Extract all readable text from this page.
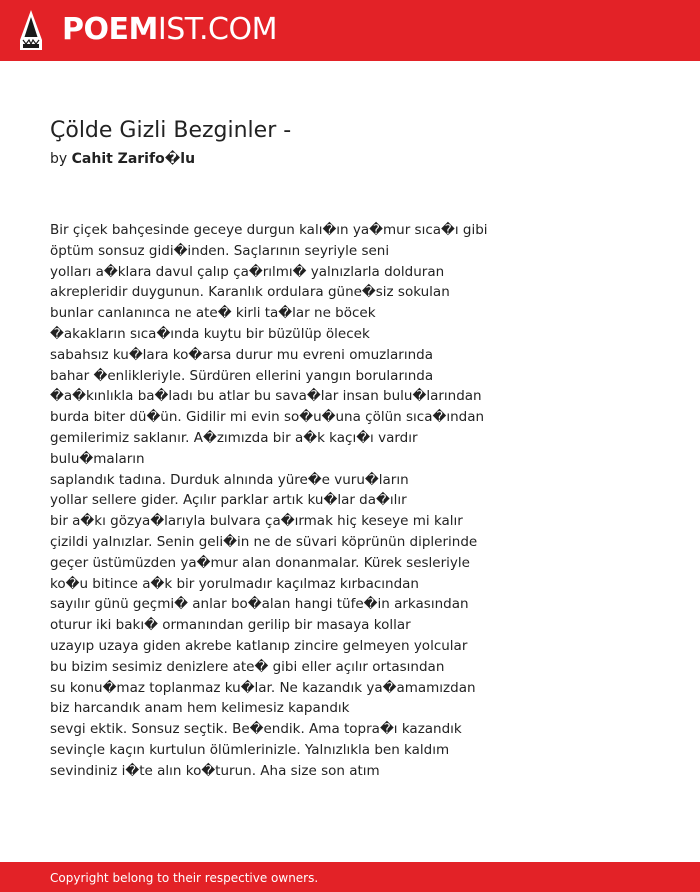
POEMIST.COM
Çölde Gizli Bezginler -
by Cahit Zarifo�lu
Bir çiçek bahçesinde geceye durgun kalı�ın ya�mur sıca�ı gibi
öptüm sonsuz gidi�inden. Saçlarının seyriyle seni
yolları a�klara davul çalıp ça�rılmı� yalnızlarla dolduran
akrepleridir duygunun. Karanlık ordulara güne�siz sokulan
bunlar canlanınca ne ate� kirli ta�lar ne böcek
�akakların sıca�ında kuytu bir büzülüp ölecek
sabahsız ku�lara ko�arsa durur mu evreni omuzlarında
bahar �enlikleriyle. Sürdüren ellerini yangın borularında
�a�kınlıkla ba�ladı bu atlar bu sava�lar insan bulu�larından
burda biter dü�ün. Gidilir mi evin so�u�una çölün sıca�ından
gemilerimiz saklanır. A�zımızda bir a�k kaçı�ı vardır
bulu�maların
saplandık tadına. Durduk alnında yüre�e vuru�ların
yollar sellere gider. Açılır parklar artık ku�lar da�ılır
bir a�kı gözya�larıyla bulvara ça�ırmak hiç keseye mi kalır
çizildi yalnızlar. Senin geli�in ne de süvari köprünün diplerinde
geçer üstümüzden ya�mur alan donanmalar. Kürek sesleriyle
ko�u bitince a�k bir yorulmadır kaçılmaz kırbacından
sayılır günü geçmi� anlar bo�alan hangi tüfe�in arkasından
oturur iki bakı� ormanından gerilip bir masaya kollar
uzayıp uzaya giden akrebe katlanıp zincire gelmeyen yolcular
bu bizim sesimiz denizlere ate� gibi eller açılır ortasından
su konu�maz toplanmaz ku�lar. Ne kazandık ya�amamızdan
biz harcandık anam hem kelimesiz kapandık
sevgi ektik. Sonsuz seçtik. Be�endik. Ama topra�ı kazandık
sevinçle kaçın kurtulun ölümlerinizle. Yalnızlıkla ben kaldım
sevindiniz i�te alın ko�turun. Aha size son atım
Copyright belong to their respective owners.
